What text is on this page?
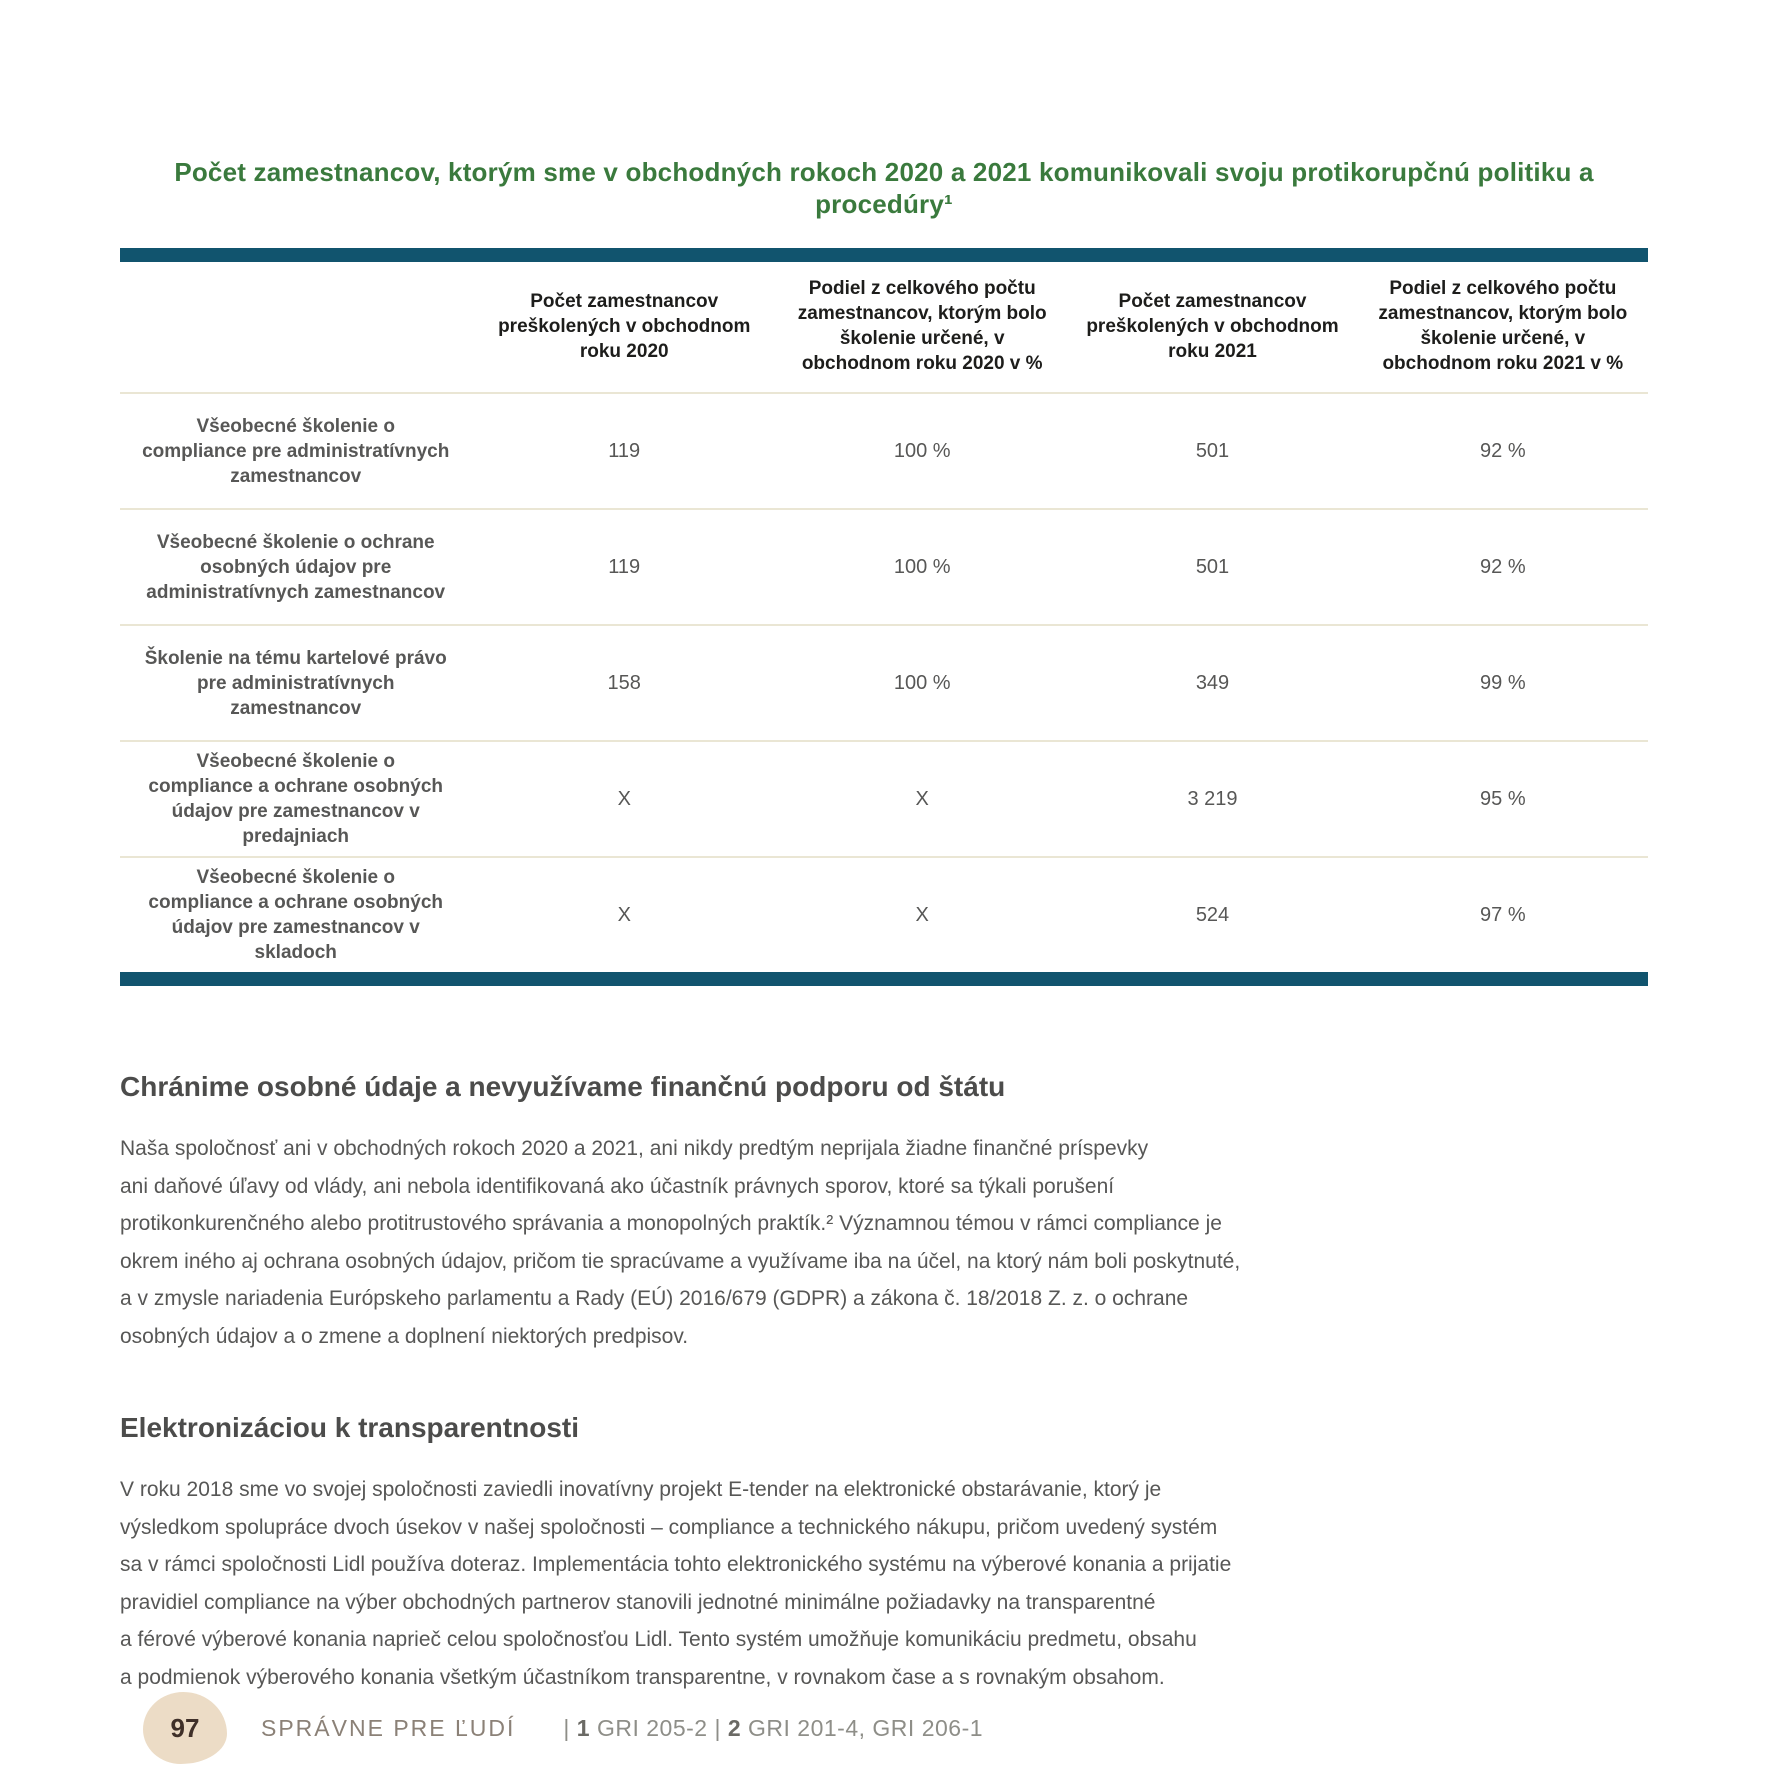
Počet zamestnancov, ktorým sme v obchodných rokoch 2020 a 2021 komunikovali svoju protikorupčnú politiku a procedúry¹
	Počet zamestnancov preškolených v obchodnom roku 2020	Podiel z celkového počtu zamestnancov, ktorým bolo školenie určené, v obchodnom roku 2020 v %	Počet zamestnancov preškolených v obchodnom roku 2021	Podiel z celkového počtu zamestnancov, ktorým bolo školenie určené, v obchodnom roku 2021 v %
Všeobecné školenie o compliance pre administratívnych zamestnancov	119	100 %	501	92 %
Všeobecné školenie o ochrane osobných údajov pre administratívnych zamestnancov	119	100 %	501	92 %
Školenie na tému kartelové právo pre administratívnych zamestnancov	158	100 %	349	99 %
Všeobecné školenie o compliance a ochrane osobných údajov pre zamestnancov v predajniach	X	X	3 219	95 %
Všeobecné školenie o compliance a ochrane osobných údajov pre zamestnancov v skladoch	X	X	524	97 %
Chránime osobné údaje a nevyužívame finančnú podporu od štátu
Naša spoločnosť ani v obchodných rokoch 2020 a 2021, ani nikdy predtým neprijala žiadne finančné príspevky
ani daňové úľavy od vlády, ani nebola identifikovaná ako účastník právnych sporov, ktoré sa týkali porušení
protikonkurenčného alebo protitrustového správania a monopolných praktík.² Významnou témou v rámci compliance je
okrem iného aj ochrana osobných údajov, pričom tie spracúvame a využívame iba na účel, na ktorý nám boli poskytnuté,
a v zmysle nariadenia Európskeho parlamentu a Rady (EÚ) 2016/679 (GDPR) a zákona č. 18/2018 Z. z. o ochrane
osobných údajov a o zmene a doplnení niektorých predpisov.
Elektronizáciou k transparentnosti
V roku 2018 sme vo svojej spoločnosti zaviedli inovatívny projekt E-tender na elektronické obstarávanie, ktorý je
výsledkom spolupráce dvoch úsekov v našej spoločnosti – compliance a technického nákupu, pričom uvedený systém
sa v rámci spoločnosti Lidl používa doteraz. Implementácia tohto elektronického systému na výberové konania a prijatie
pravidiel compliance na výber obchodných partnerov stanovili jednotné minimálne požiadavky na transparentné
a férové výberové konania naprieč celou spoločnosťou Lidl. Tento systém umožňuje komunikáciu predmetu, obsahu
a podmienok výberového konania všetkým účastníkom transparentne, v rovnakom čase a s rovnakým obsahom.
97	SPRÁVNE PRE ĽUDÍ | 1 GRI 205-2 | 2 GRI 201-4, GRI 206-1
